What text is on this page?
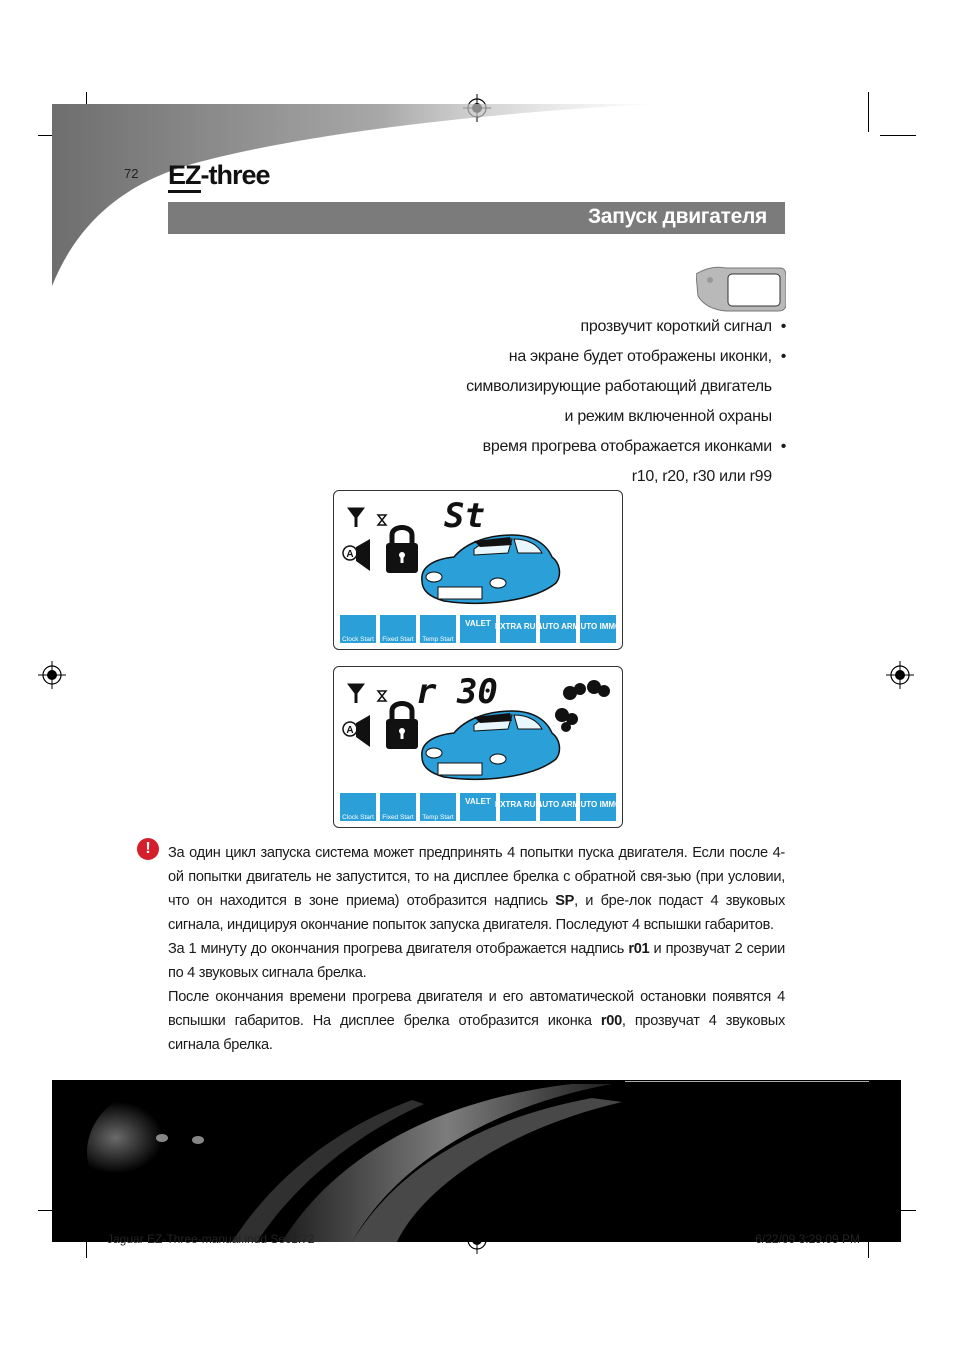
72 EZ-three
Запуск двигателя
прозвучит короткий сигнал •
на экране будет отображены иконки, •
символизирующие работающий двигатель
и режим включенной охраны
время прогрева отображается иконками •
r10, r20, r30 или r99
St
A
Clock Start Fixed Start Temp Start
VALET EXTRA RUN
AUTO ARM
AUTO IMMO
r 30
A
Clock Start Fixed Start Temp Start
VALET EXTRA RUN
AUTO ARM
AUTO IMMO
!	За один цикл запуска система может предпринять 4 попытки пуска двигателя. Если после 4-ой попытки двигатель не запустится, то на дисплее брелка с обратной свя-зью (при условии, что он находится в зоне приема) отобразится надпись SP, и бре-лок подаст 4 звуковых сигнала, индицируя окончание попыток запуска двигателя. Последуют 4 вспышки габаритов.

За 1 минуту до окончания прогрева двигателя отображается надпись r01 и прозвучат 2 серии по 4 звуковых сигнала брелка.

После окончания времени прогрева двигателя и его автоматической остановки появятся 4 вспышки габаритов. На дисплее брелка отобразится иконка r00, прозвучат 4 звуковых сигнала брелка.

Jaguar EZ-Three-manual.indd Sec1:72	6/22/09 3:29:09 PM
